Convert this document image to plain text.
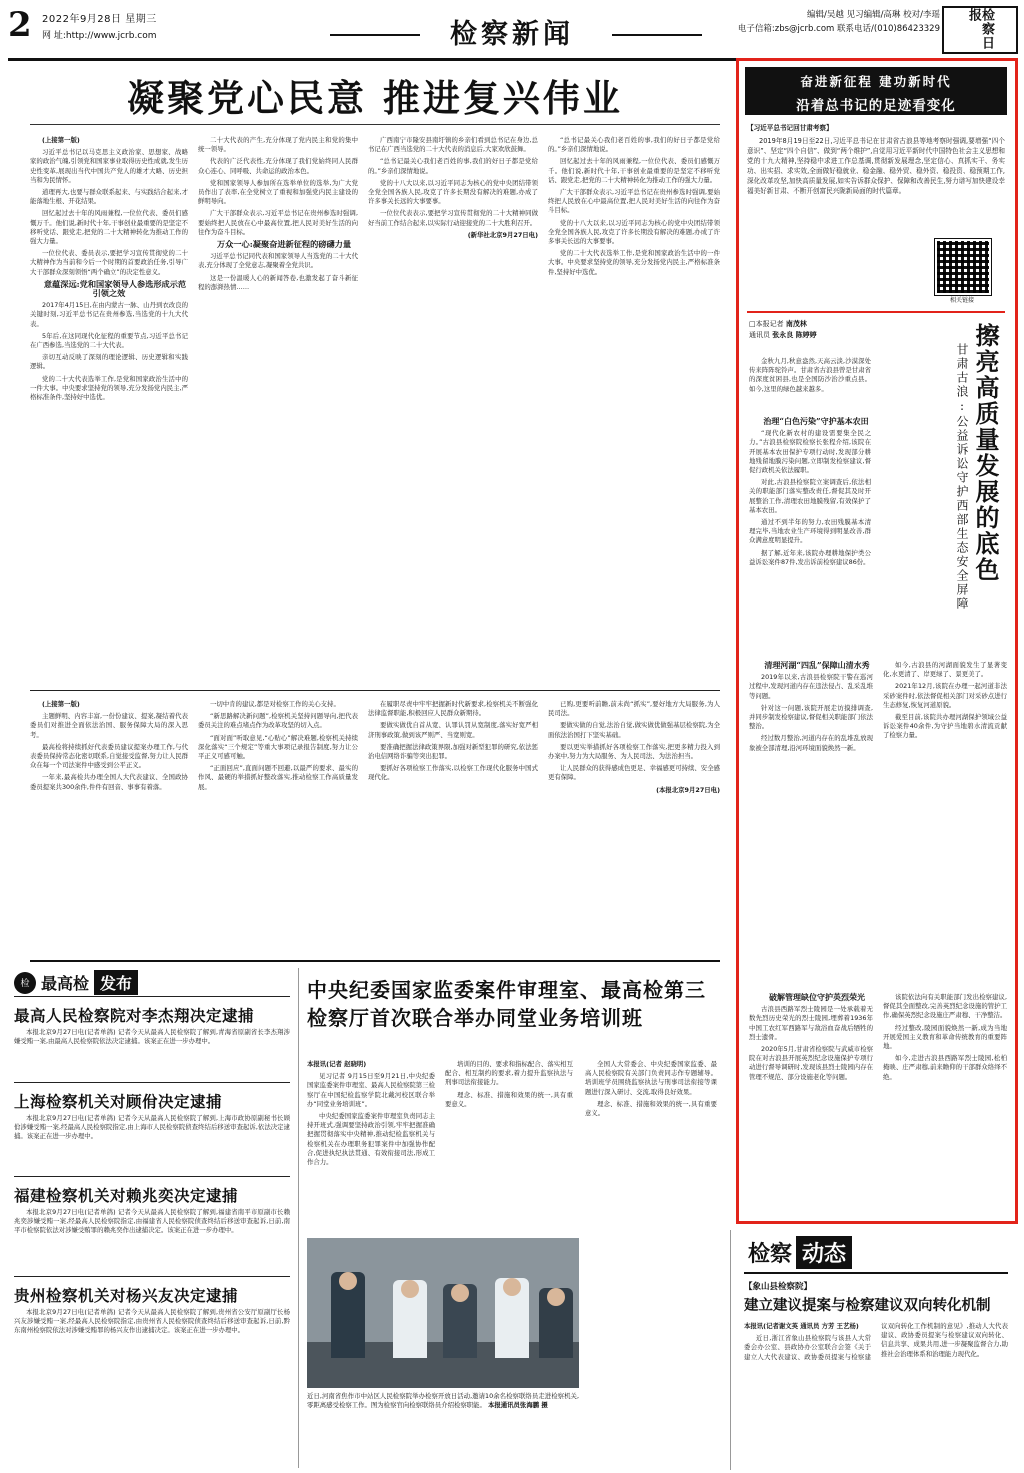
2 2022年9月28日 星期三
网 址:http://www.jcrb.com	检察新闻
编辑/吴越 见习编辑/高琳 校对/李瑶
电子信箱:zbs@jcrb.com 联系电话/(010)86423329	检察日报
凝聚党心民意 推进复兴伟业

(上接第一版)

习近平总书记以马克思主义政治家、思想家、战略家的政治气魄,引领党和国家事业取得历史性成就,发生历史性变革,展现出当代中国共产党人的雄才大略、历史担当和为民情怀。

道理再大,也要与群众联系起来、与实践结合起来,才能落地生根、开花结果。

回忆起过去十年的风雨兼程,一位位代表、委员们感慨万千。他们说,新时代十年,干事创业最重要的是坚定不移听党话、跟党走,把党的二十大精神转化为推动工作的强大力量。

一位位代表、委员表示,要把学习宣传贯彻党的二十大精神作为当前和今后一个时期的首要政治任务,引导广大干部群众深刻领悟“两个确立”的决定性意义。

意蕴深远:党和国家领导人参选形成示范引领之效

2017年4月15日,在由内蒙古一脉、山丹到衣改良的关键时刻,习近平总书记在贵州参选,当选党的十九大代表。

5年后,在这同现代化征程的重要节点,习近平总书记在广西参选,当选党的二十大代表。

亲切互动反映了深刻的理论逻辑、历史逻辑和实践逻辑。

党的二十大代表选举工作,是党和国家政治生活中的一件大事。中央要求坚持党的领导,充分发扬党内民主,严格标准条件,坚持好中选优。

二十大代表的产生,充分体现了党内民主和党的集中统一领导。

代表的广泛代表性,充分体现了我们党始终同人民群众心连心、同呼吸、共命运的政治本色。

党和国家领导人参加所在选举单位的选举,为广大党员作出了表率,在全党树立了重视和加强党内民主建设的鲜明导向。

广大干部群众表示,习近平总书记在贵州参选时强调,要始终把人民放在心中最高位置,把人民对美好生活的向往作为奋斗目标。

万众一心:凝聚奋进新征程的磅礴力量

习近平总书记同代表和国家领导人当选党的二十大代表,充分体现了全党意志,凝聚着全党共识。

这是一份温暖人心的新闻答卷,也激发起了奋斗新征程的澎湃热情……

广西南宁市隆安县南圩镇的乡亲们看到总书记在身边,总书记在广西当选党的二十大代表的消息后,大家欢欣鼓舞。

“总书记最关心我们老百姓的事,我们的好日子都是党给的。”乡亲们深情地说。

党的十八大以来,以习近平同志为核心的党中央团结带领全党全国各族人民,攻克了许多长期没有解决的难题,办成了许多事关长远的大事要事。

一位位代表表示,要把学习宣传贯彻党的二十大精神同做好当前工作结合起来,以实际行动迎接党的二十大胜利召开。

(新华社北京9月27日电)

“总书记最关心我们老百姓的事,我们的好日子都是党给的。”乡亲们深情地说。

回忆起过去十年的风雨兼程,一位位代表、委员们感慨万千。他们说,新时代十年,干事创业最重要的是坚定不移听党话、跟党走,把党的二十大精神转化为推动工作的强大力量。

广大干部群众表示,习近平总书记在贵州参选时强调,要始终把人民放在心中最高位置,把人民对美好生活的向往作为奋斗目标。

党的十八大以来,以习近平同志为核心的党中央团结带领全党全国各族人民,攻克了许多长期没有解决的难题,办成了许多事关长远的大事要事。

党的二十大代表选举工作,是党和国家政治生活中的一件大事。中央要求坚持党的领导,充分发扬党内民主,严格标准条件,坚持好中选优。

(上接第一版)

主题鲜明、内容丰富,一份份建议、提案,凝结着代表委员们对推进全面依法治国、服务保障大局的深入思考。

最高检将持续抓好代表委员建议提案办理工作,与代表委员保持常态化密切联系,自觉接受监督,努力让人民群众在每一个司法案件中感受到公平正义。

一年来,最高检共办理全国人大代表建议、全国政协委员提案共300余件,件件有回音、事事有着落。

一切中肯的建议,都是对检察工作的关心支持。

“新思路解决新问题”,检察机关坚持问题导向,把代表委员关注的难点堵点作为改革攻坚的切入点。

“面对面”听取意见,“心贴心”解决难题,检察机关持续深化落实“三个规定”等重大事项记录报告制度,努力让公平正义可感可触。

“正面回应”,直面问题不回避,以最严的要求、最实的作风、最硬的举措抓好整改落实,推动检察工作高质量发展。

在履职尽责中牢牢把握新时代新要求,检察机关不断强化法律监督职能,积极回应人民群众新期待。

要做实做优自首从宽、认罪认罚从宽制度,落实好宽严相济刑事政策,做到该严则严、当宽则宽。

要准确把握法律政策界限,加强对新型犯罪的研究,依法惩治电信网络诈骗等突出犯罪。

要抓好各项检察工作落实,以检察工作现代化服务中国式现代化。

已购,更要听前瞻,前未尚“抓实”,要好地方大局服务,为人民司法。

要做实做的自觉,法治自觉,做实做优做强基层检察院,为全面依法治国打下坚实基础。

要以更实举措抓好各项检察工作落实,把更多精力投入到办案中,努力为大局服务、为人民司法、为法治担当。

让人民群众的获得感成色更足、幸福感更可持续、安全感更有保障。

(本报北京9月27日电)

检 最高检 发布
最高人民检察院对李杰翔决定逮捕

本报北京9月27日电(记者单鸽) 记者今天从最高人民检察院了解到,青海省原副省长李杰翔涉嫌受贿一案,由最高人民检察院依法决定逮捕。该案正在进一步办理中。

上海检察机关对顾佾决定逮捕

本报北京9月27日电(记者单鸽) 记者今天从最高人民检察院了解到,上海市政协原副秘书长顾佾涉嫌受贿一案,经最高人民检察院指定,由上海市人民检察院侦查终结后移送审查起诉,依法决定逮捕。该案正在进一步办理中。

福建检察机关对赖兆奕决定逮捕

本报北京9月27日电(记者单鸽) 记者今天从最高人民检察院了解到,福建省南平市原副市长赖兆奕涉嫌受贿一案,经最高人民检察院指定,由福建省人民检察院侦查终结后移送审查起诉,日前,南平市检察院依法对涉嫌受贿罪的赖兆奕作出逮捕决定。该案正在进一步办理中。

贵州检察机关对杨兴友决定逮捕

本报北京9月27日电(记者单鸽) 记者今天从最高人民检察院了解到,贵州省公安厅原副厅长杨兴友涉嫌受贿一案,经最高人民检察院指定,由贵州省人民检察院侦查终结后移送审查起诉,日前,黔东南州检察院依法对涉嫌受贿罪的杨兴友作出逮捕决定。该案正在进一步办理中。

中央纪委国家监委案件审理室、最高检第三检察厅首次联合举办同堂业务培训班

本报讯(记者 赵晓明)

见习记者 9月15日至9月21日,中央纪委国家监委案件审理室、最高人民检察院第三检察厅在中国纪检监察学院北戴河校区联合举办“同堂业务培训班”。

中央纪委国家监委案件审理室负责同志主持开班式,强调要坚持政治引领,牢牢把握准确把握贯彻落实中央精神,推动纪检监察机关与检察机关在办理职务犯罪案件中加强协作配合,促进执纪执法贯通、有效衔接司法,形成工作合力。

培训的目的、要求和指标配合、落实相互配合、相互制约的要求,着力提升监察执法与刑事司法衔接能力。

理念、标准、措施和效果的统一,具有重要意义。

全国人大常委会、中央纪委国家监委、最高人民检察院有关部门负责同志作专题辅导。培训班学员围绕监察执法与刑事司法衔接等课题进行深入研讨、交流,取得良好效果。

理念、标准、措施和效果的统一,具有重要意义。

近日,河南省焦作市中站区人民检察院举办检察开放日活动,邀请10余名检察联络员走进检察机关,零距离感受检察工作。图为检察官向检察联络员介绍检察职能。 本报通讯员张海鹏 摄
奋进新征程 建功新时代
沿着总书记的足迹看变化

【习近平总书记回甘肃考察】

2019年8月19日至22日,习近平总书记在甘肃省古浪县等地考察时强调,要增强“四个意识”、坚定“四个自信”、做到“两个维护”,自觉用习近平新时代中国特色社会主义思想和党的十九大精神,坚持稳中求进工作总基调,贯彻新发展理念,坚定信心、真抓实干、务实功、出实招、求实效,全面做好稳就业、稳金融、稳外贸、稳外资、稳投资、稳预期工作,深化改革攻坚,加快高质量发展,如实告诉群众保护、保障和改善民生,努力谱写加快建设幸福美好新甘肃、不断开创富民兴陇新局面的时代篇章。

相关链接
□本报记者 南茂林
通讯员 张永良 陈婷婷	擦亮高质量发展的底色
甘肃古浪:公益诉讼守护西部生态安全屏障

金秋九月,秋意盎然,天高云淡,沙漠深处传来阵阵驼铃声。甘肃省古浪县曾是甘肃省的深度贫困县,也是全国防沙治沙重点县。如今,这里的绿色越来越多。

治理“白色污染”守护基本农田

“现代化新农村的建设需要集全民之力。”古浪县检察院检察长张程介绍,该院在开展基本农田保护专项行动时,发现部分耕地残留地膜污染问题,立即制发检察建议,督促行政机关依法履职。

对此,古浪县检察院立案调查后,依法相关的职能部门落实整改责任,督促其及时开展整治工作,清理农田地膜残留,有效保护了基本农田。

通过不到半年的努力,农田残膜基本清理完毕,当地农业生产环境得到明显改善,群众满意度明显提升。

据了解,近年来,该院办理耕地保护类公益诉讼案件87件,发出诉前检察建议86份。

清理河湖“四乱”保障山清水秀

2019年以来,古浪县检察院干警在巡河过程中,发现河道内存在违法侵占、乱采乱堆等问题。

针对这一问题,该院开展走访摸排调查,并同步制发检察建议,督促相关职能部门依法整治。

经过数月整治,河道内存在的乱堆乱放现象被全部清理,沿河环境面貌焕然一新。

如今,古浪县的河湖面貌发生了显著变化,水更清了、岸更绿了、景更美了。

2021年12月,该院在办理一起河道非法采砂案件时,依法督促相关部门对采砂点进行生态修复,恢复河道原貌。

截至目前,该院共办理河湖保护领域公益诉讼案件40余件,为守护当地碧水清流贡献了检察力量。

破解管理缺位守护英烈荣光

古浪县西路军烈士陵园是一处承载着无数先烈历史荣光的烈士陵园,埋葬着1936年中国工农红军西路军与敌浴血奋战后牺牲的烈士遗骨。

2020年5月,甘肃省检察院与武威市检察院在对古浪县开展英烈纪念设施保护专项行动进行督导调研时,发现该县烈士陵园内存在管理不规范、部分设施老化等问题。

该院依法向有关职能部门发出检察建议,督促其全面整改,完善英烈纪念设施的管护工作,确保英烈纪念设施庄严肃穆、干净整洁。

经过整改,陵园面貌焕然一新,成为当地开展爱国主义教育和革命传统教育的重要阵地。

如今,走进古浪县西路军烈士陵园,松柏掩映、庄严肃穆,前来瞻仰的干部群众络绎不绝。

检察 动态
【象山县检察院】
建立建议提案与检察建议双向转化机制

本报讯(记者谢文英 通讯员 方芳 王艺杨)

近日,浙江省象山县检察院与该县人大常委会办公室、县政协办公室联合会签《关于建立人大代表建议、政协委员提案与检察建议双向转化工作机制的意见》,推动人大代表建议、政协委员提案与检察建议双向转化、信息共享、成果共用,进一步凝聚监督合力,助推社会治理体系和治理能力现代化。
